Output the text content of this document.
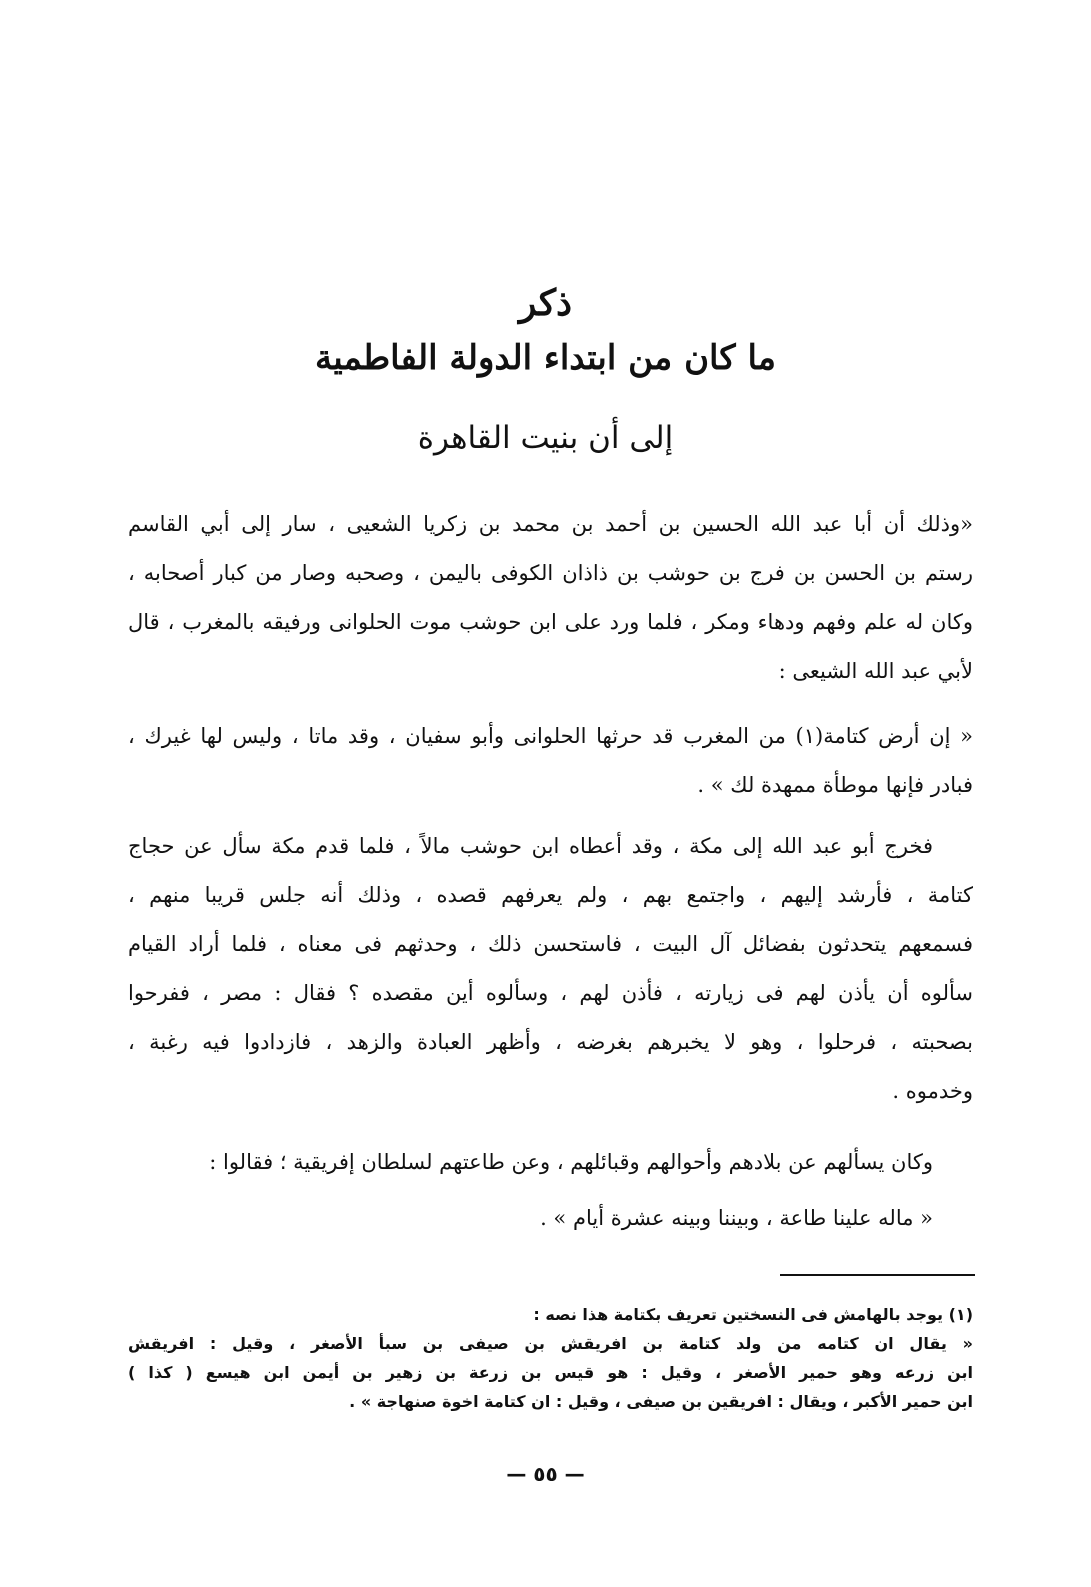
ذكر
ما كان من ابتداء الدولة الفاطمية
إلى أن بنيت القاهرة
«وذلك أن أبا عبد الله الحسين بن أحمد بن محمد بن زكريا الشعيى ، سار إلى أبي القاسم
رستم بن الحسن بن فرج بن حوشب بن ذاذان الكوفى باليمن ، وصحبه وصار من كبار أصحابه ،
وكان له علم وفهم ودهاء ومكر ، فلما ورد على ابن حوشب موت الحلوانى ورفيقه بالمغرب ، قال
لأبي عبد الله الشيعى :
« إن أرض كتامة(١) من المغرب قد حرثها الحلوانى وأبو سفيان ، وقد ماتا ، وليس لها غيرك ،
فبادر فإنها موطأة ممهدة لك » .
فخرج أبو عبد الله إلى مكة ، وقد أعطاه ابن حوشب مالاً ، فلما قدم مكة سأل عن حجاج
كتامة ، فأرشد إليهم ، واجتمع بهم ، ولم يعرفهم قصده ، وذلك أنه جلس قريبا منهم ،
فسمعهم يتحدثون بفضائل آل البيت ، فاستحسن ذلك ، وحدثهم فى معناه ، فلما أراد القيام
سألوه أن يأذن لهم فى زيارته ، فأذن لهم ، وسألوه أين مقصده ؟ فقال : مصر ، ففرحوا
بصحبته ، فرحلوا ، وهو لا يخبرهم بغرضه ، وأظهر العبادة والزهد ، فازدادوا فيه رغبة ،
وخدموه .
وكان يسألهم عن بلادهم وأحوالهم وقبائلهم ، وعن طاعتهم لسلطان إفريقية ؛ فقالوا :
« ماله علينا طاعة ، وبيننا وبينه عشرة أيام » .
(١) يوجد بالهامش فى النسختين تعريف بكتامة هذا نصه :
« يقال ان كتامه من ولد كتامة بن افريقش بن صيفى بن سبأ الأصغر ، وقيل : افريقش
ابن زرعه وهو حمير الأصغر ، وقيل : هو قيس بن زرعة بن زهير بن أيمن ابن هيسع ( كذا )
ابن حمير الأكبر ، ويقال : افريقين بن صيفى ، وقيل : ان كتامة اخوة صنهاجة » .
— ٥٥ —
